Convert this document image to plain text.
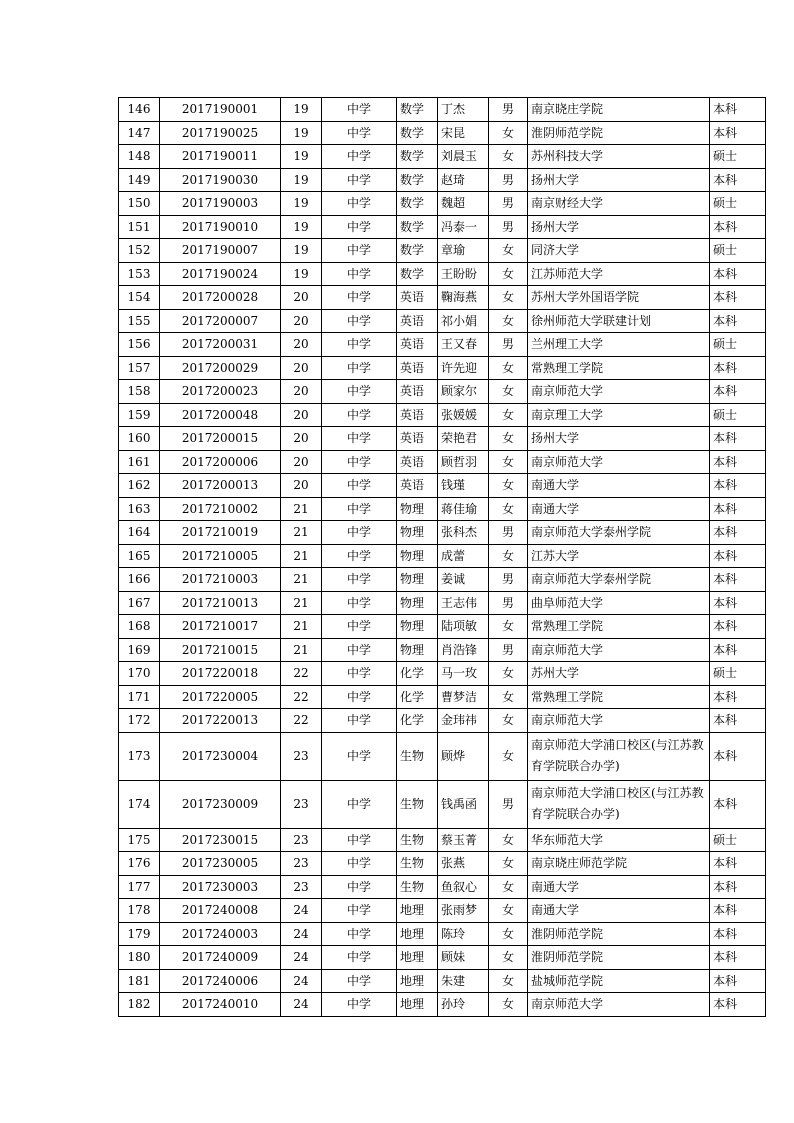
146	2017190001	19	中学	数学	丁杰	男	南京晓庄学院	本科
147	2017190025	19	中学	数学	宋昆	女	淮阴师范学院	本科
148	2017190011	19	中学	数学	刘晨玉	女	苏州科技大学	硕士
149	2017190030	19	中学	数学	赵琦	男	扬州大学	本科
150	2017190003	19	中学	数学	魏超	男	南京财经大学	硕士
151	2017190010	19	中学	数学	冯泰一	男	扬州大学	本科
152	2017190007	19	中学	数学	章瑜	女	同济大学	硕士
153	2017190024	19	中学	数学	王盼盼	女	江苏师范大学	本科
154	2017200028	20	中学	英语	鞠海燕	女	苏州大学外国语学院	本科
155	2017200007	20	中学	英语	祁小娟	女	徐州师范大学联建计划	本科
156	2017200031	20	中学	英语	王又春	男	兰州理工大学	硕士
157	2017200029	20	中学	英语	许先迎	女	常熟理工学院	本科
158	2017200023	20	中学	英语	顾家尔	女	南京师范大学	本科
159	2017200048	20	中学	英语	张媛媛	女	南京理工大学	硕士
160	2017200015	20	中学	英语	荣艳君	女	扬州大学	本科
161	2017200006	20	中学	英语	顾哲羽	女	南京师范大学	本科
162	2017200013	20	中学	英语	钱瑾	女	南通大学	本科
163	2017210002	21	中学	物理	蒋佳瑜	女	南通大学	本科
164	2017210019	21	中学	物理	张科杰	男	南京师范大学泰州学院	本科
165	2017210005	21	中学	物理	成蕾	女	江苏大学	本科
166	2017210003	21	中学	物理	姜诚	男	南京师范大学泰州学院	本科
167	2017210013	21	中学	物理	王志伟	男	曲阜师范大学	本科
168	2017210017	21	中学	物理	陆项敏	女	常熟理工学院	本科
169	2017210015	21	中学	物理	肖浩锋	男	南京师范大学	本科
170	2017220018	22	中学	化学	马一玫	女	苏州大学	硕士
171	2017220005	22	中学	化学	曹梦洁	女	常熟理工学院	本科
172	2017220013	22	中学	化学	金玮祎	女	南京师范大学	本科
173	2017230004	23	中学	生物	顾烨	女	南京师范大学浦口校区(与江苏教育学院联合办学)	本科
174	2017230009	23	中学	生物	钱禹函	男	南京师范大学浦口校区(与江苏教育学院联合办学)	本科
175	2017230015	23	中学	生物	蔡玉菁	女	华东师范大学	硕士
176	2017230005	23	中学	生物	张燕	女	南京晓庄师范学院	本科
177	2017230003	23	中学	生物	鱼叙心	女	南通大学	本科
178	2017240008	24	中学	地理	张雨梦	女	南通大学	本科
179	2017240003	24	中学	地理	陈玲	女	淮阴师范学院	本科
180	2017240009	24	中学	地理	顾妹	女	淮阴师范学院	本科
181	2017240006	24	中学	地理	朱建	女	盐城师范学院	本科
182	2017240010	24	中学	地理	孙玲	女	南京师范大学	本科
